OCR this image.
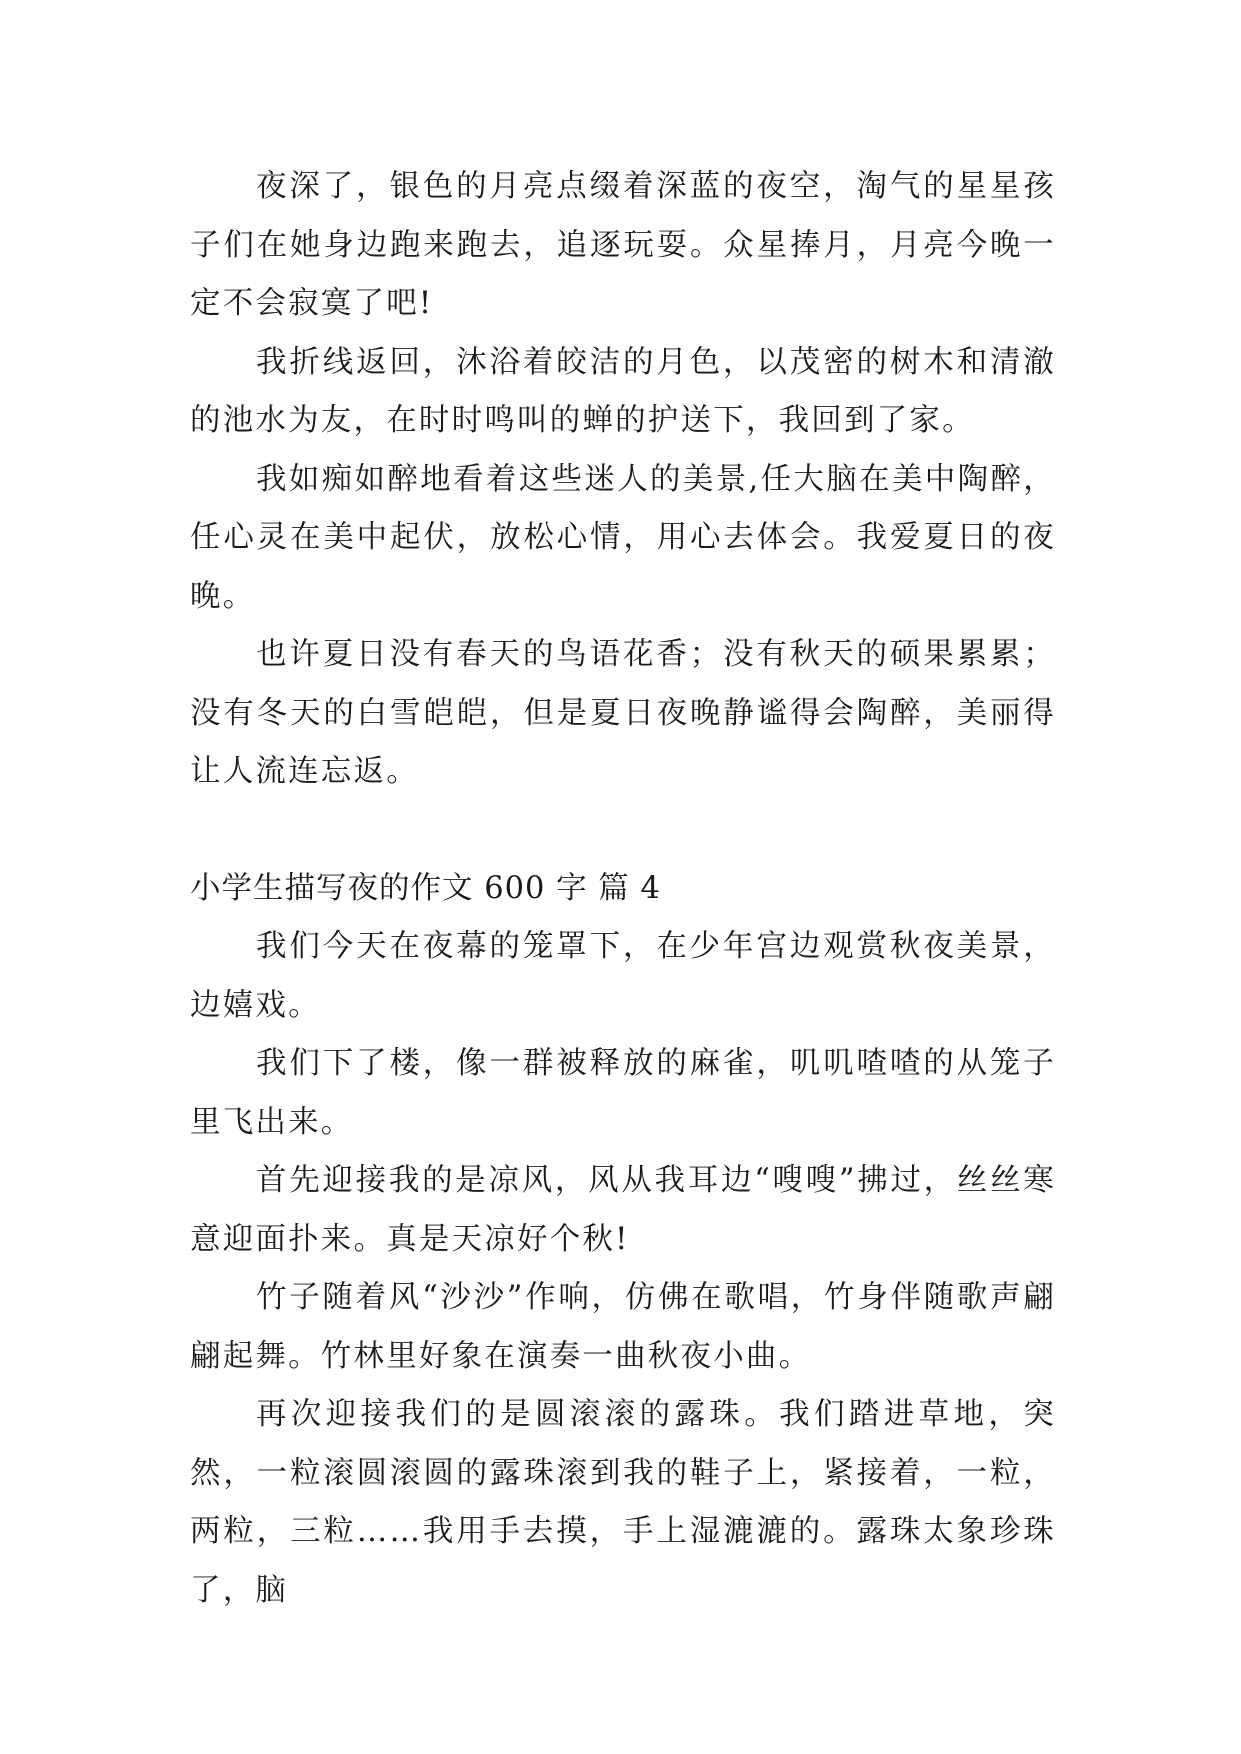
夜深了，银色的月亮点缀着深蓝的夜空，淘气的星星孩子们在她身边跑来跑去，追逐玩耍。众星捧月，月亮今晚一定不会寂寞了吧!

我折线返回，沐浴着皎洁的月色，以茂密的树木和清澈的池水为友，在时时鸣叫的蝉的护送下，我回到了家。

我如痴如醉地看着这些迷人的美景,任大脑在美中陶醉，任心灵在美中起伏，放松心情，用心去体会。我爱夏日的夜晚。

也许夏日没有春天的鸟语花香；没有秋天的硕果累累；没有冬天的白雪皑皑，但是夏日夜晚静谧得会陶醉，美丽得让人流连忘返。

小学生描写夜的作文 600 字 篇 4

我们今天在夜幕的笼罩下，在少年宫边观赏秋夜美景，边嬉戏。

我们下了楼，像一群被释放的麻雀，叽叽喳喳的从笼子里飞出来。

首先迎接我的是凉风，风从我耳边“嗖嗖”拂过，丝丝寒意迎面扑来。真是天凉好个秋!

竹子随着风“沙沙”作响，仿佛在歌唱，竹身伴随歌声翩翩起舞。竹林里好象在演奏一曲秋夜小曲。

再次迎接我们的是圆滚滚的露珠。我们踏进草地，突然，一粒滚圆滚圆的露珠滚到我的鞋子上，紧接着，一粒，两粒，三粒……我用手去摸，手上湿漉漉的。露珠太象珍珠了，脑
